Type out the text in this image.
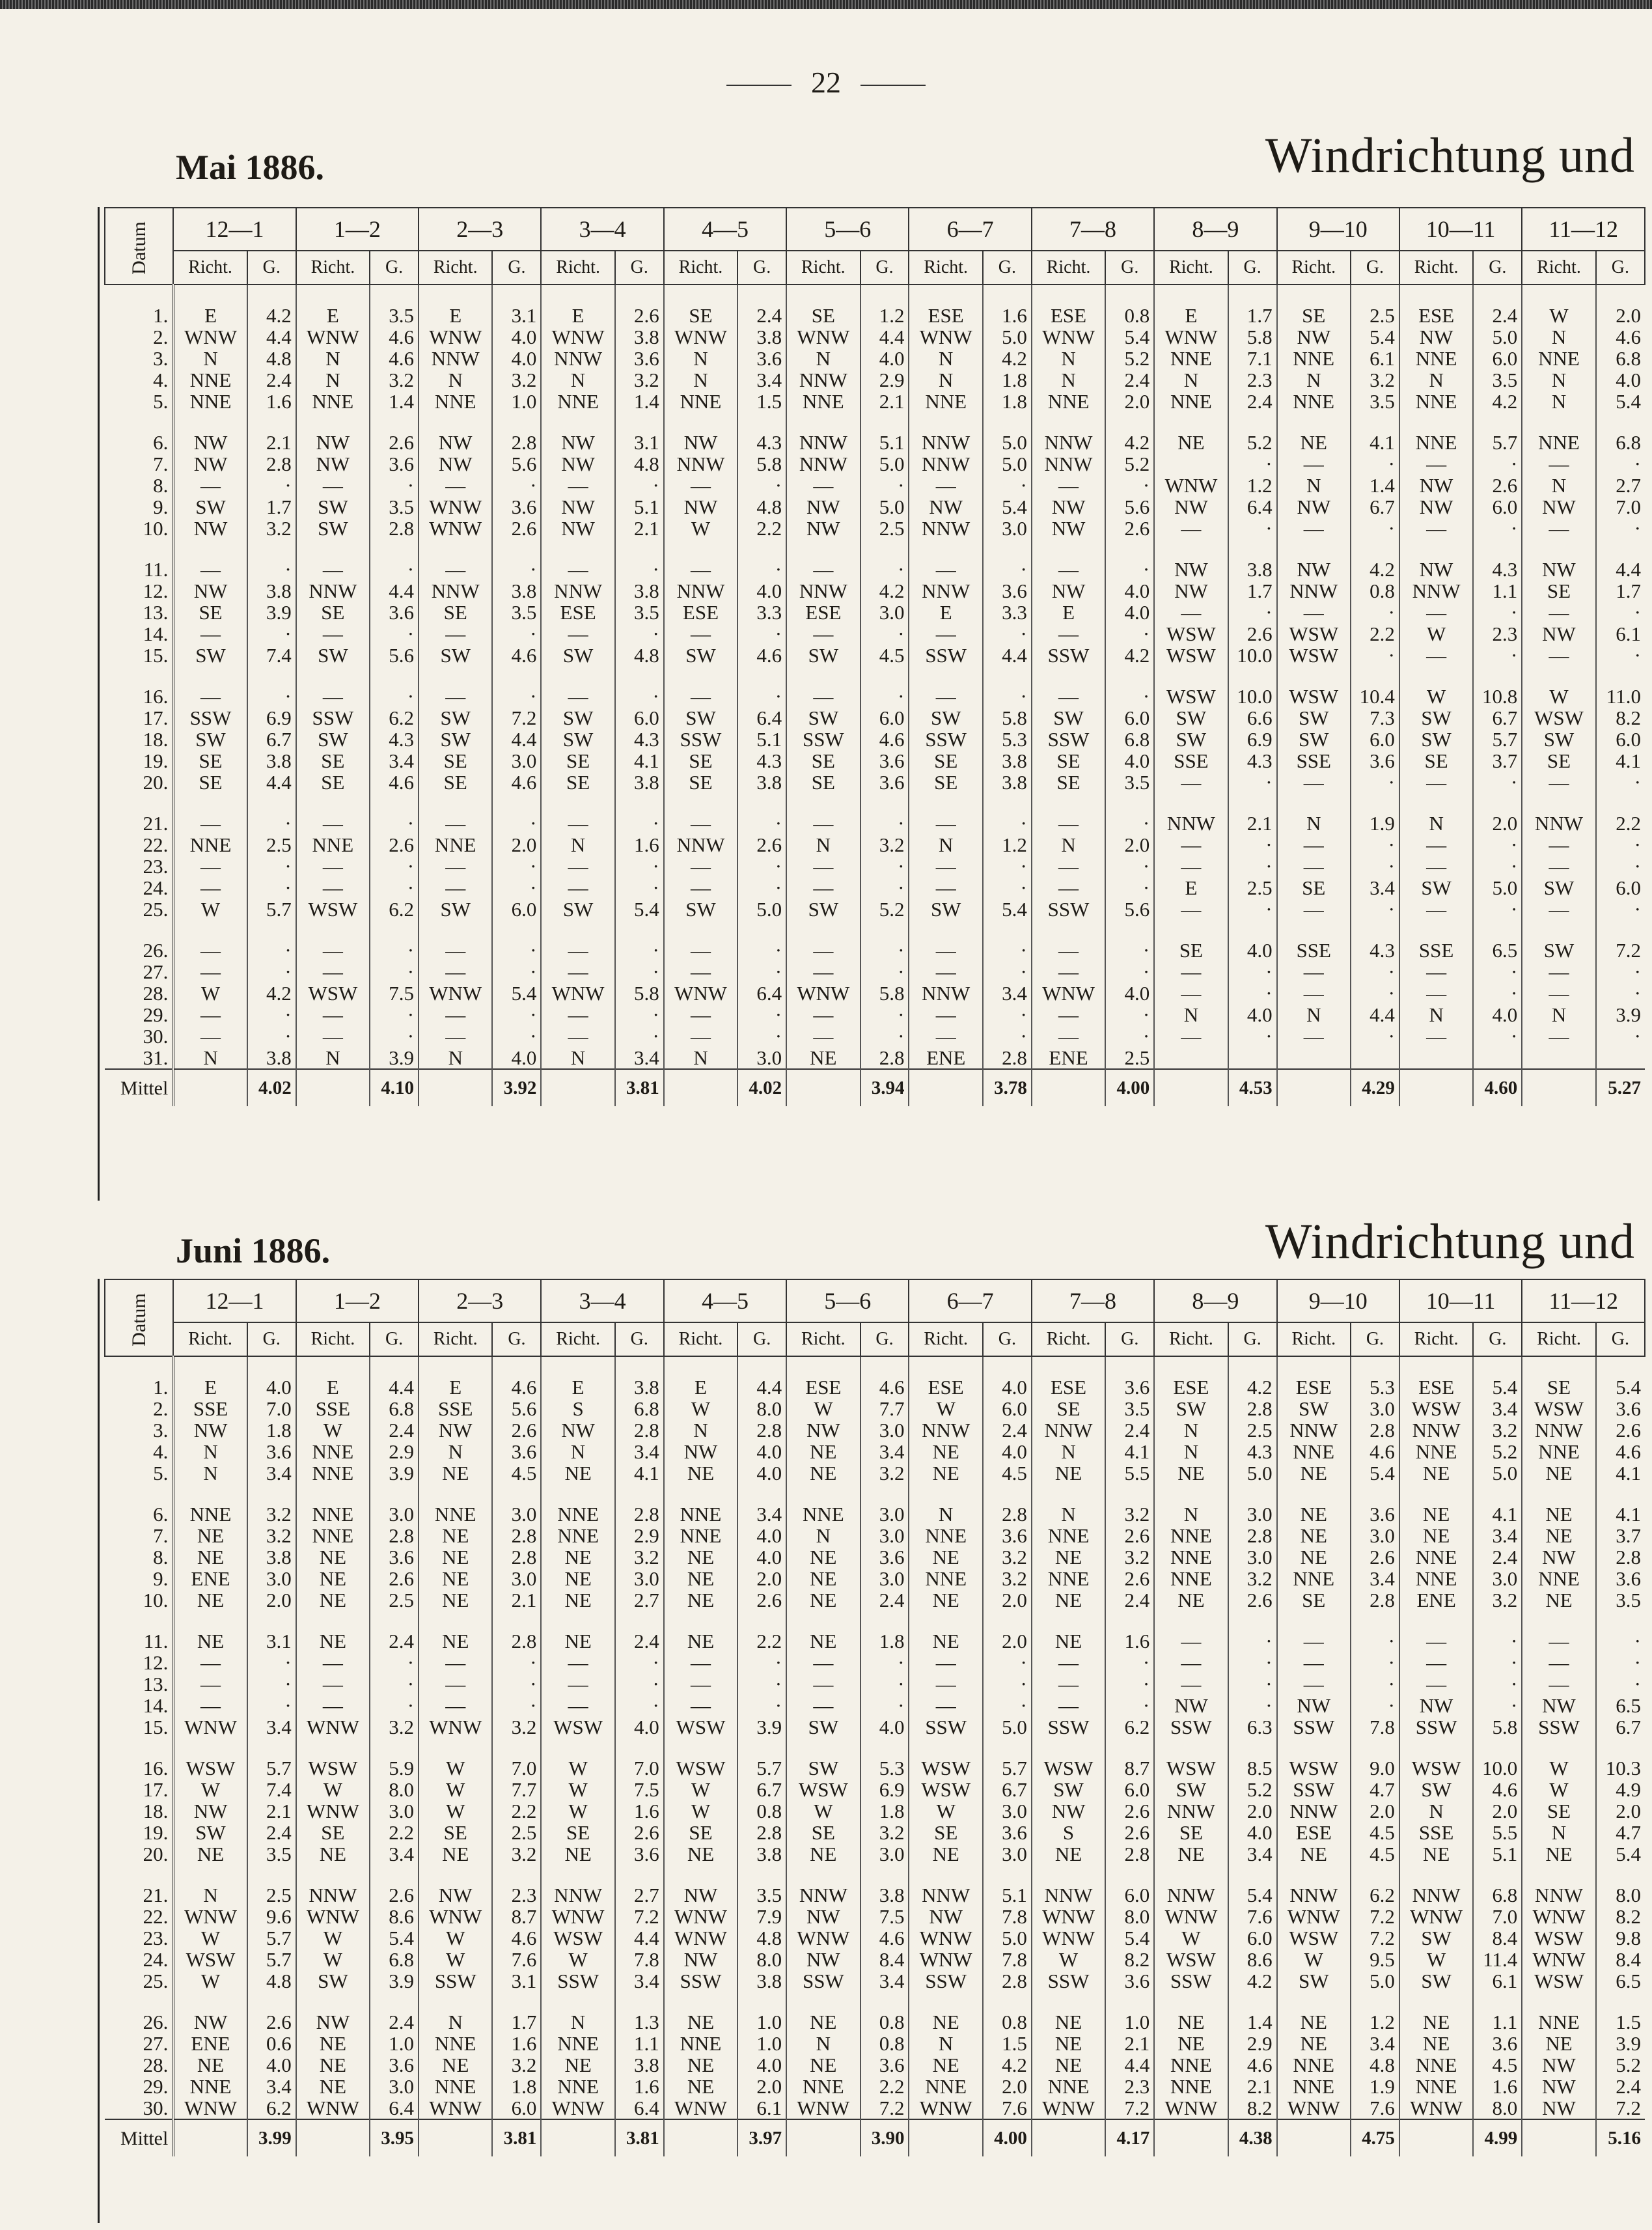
22
Mai 1886.	Windrichtung und
Datum	12—1		1—2		2—3		3—4		4—5		5—6		6—7		7—8		8—9		9—10		10—11		11—12	
	Richt.	G.	Richt.	G.	Richt.	G.	Richt.	G.	Richt.	G.	Richt.	G.	Richt.	G.	Richt.	G.	Richt.	G.	Richt.	G.	Richt.	G.	Richt.	G.

1.	E	4.2	E	3.5	E	3.1	E	2.6	SE	2.4	SE	1.2	ESE	1.6	ESE	0.8	E	1.7	SE	2.5	ESE	2.4	W	2.0
2.	WNW	4.4	WNW	4.6	WNW	4.0	WNW	3.8	WNW	3.8	WNW	4.4	WNW	5.0	WNW	5.4	WNW	5.8	NW	5.4	NW	5.0	N	4.6
3.	N	4.8	N	4.6	NNW	4.0	NNW	3.6	N	3.6	N	4.0	N	4.2	N	5.2	NNE	7.1	NNE	6.1	NNE	6.0	NNE	6.8
4.	NNE	2.4	N	3.2	N	3.2	N	3.2	N	3.4	NNW	2.9	N	1.8	N	2.4	N	2.3	N	3.2	N	3.5	N	4.0
5.	NNE	1.6	NNE	1.4	NNE	1.0	NNE	1.4	NNE	1.5	NNE	2.1	NNE	1.8	NNE	2.0	NNE	2.4	NNE	3.5	NNE	4.2	N	5.4

6.	NW	2.1	NW	2.6	NW	2.8	NW	3.1	NW	4.3	NNW	5.1	NNW	5.0	NNW	4.2	NE	5.2	NE	4.1	NNE	5.7	NNE	6.8
7.	NW	2.8	NW	3.6	NW	5.6	NW	4.8	NNW	5.8	NNW	5.0	NNW	5.0	NNW	5.2		·	—	·	—	·	—	·
8.	—	·	—	·	—	·	—	·	—	·	—	·	—	·	—	·	WNW	1.2	N	1.4	NW	2.6	N	2.7
9.	SW	1.7	SW	3.5	WNW	3.6	NW	5.1	NW	4.8	NW	5.0	NW	5.4	NW	5.6	NW	6.4	NW	6.7	NW	6.0	NW	7.0
10.	NW	3.2	SW	2.8	WNW	2.6	NW	2.1	W	2.2	NW	2.5	NNW	3.0	NW	2.6	—	·	—	·	—	·	—	·

11.	—	·	—	·	—	·	—	·	—	·	—	·	—	·	—	·	NW	3.8	NW	4.2	NW	4.3	NW	4.4
12.	NW	3.8	NNW	4.4	NNW	3.8	NNW	3.8	NNW	4.0	NNW	4.2	NNW	3.6	NW	4.0	NW	1.7	NNW	0.8	NNW	1.1	SE	1.7
13.	SE	3.9	SE	3.6	SE	3.5	ESE	3.5	ESE	3.3	ESE	3.0	E	3.3	E	4.0	—	·	—	·	—	·	—	·
14.	—	·	—	·	—	·	—	·	—	·	—	·	—	·	—	·	WSW	2.6	WSW	2.2	W	2.3	NW	6.1
15.	SW	7.4	SW	5.6	SW	4.6	SW	4.8	SW	4.6	SW	4.5	SSW	4.4	SSW	4.2	WSW	10.0	WSW	·	—	·	—	·

16.	—	·	—	·	—	·	—	·	—	·	—	·	—	·	—	·	WSW	10.0	WSW	10.4	W	10.8	W	11.0
17.	SSW	6.9	SSW	6.2	SW	7.2	SW	6.0	SW	6.4	SW	6.0	SW	5.8	SW	6.0	SW	6.6	SW	7.3	SW	6.7	WSW	8.2
18.	SW	6.7	SW	4.3	SW	4.4	SW	4.3	SSW	5.1	SSW	4.6	SSW	5.3	SSW	6.8	SW	6.9	SW	6.0	SW	5.7	SW	6.0
19.	SE	3.8	SE	3.4	SE	3.0	SE	4.1	SE	4.3	SE	3.6	SE	3.8	SE	4.0	SSE	4.3	SSE	3.6	SE	3.7	SE	4.1
20.	SE	4.4	SE	4.6	SE	4.6	SE	3.8	SE	3.8	SE	3.6	SE	3.8	SE	3.5	—	·	—	·	—	·	—	·

21.	—	·	—	·	—	·	—	·	—	·	—	·	—	·	—	·	NNW	2.1	N	1.9	N	2.0	NNW	2.2
22.	NNE	2.5	NNE	2.6	NNE	2.0	N	1.6	NNW	2.6	N	3.2	N	1.2	N	2.0	—	·	—	·	—	·	—	·
23.	—	·	—	·	—	·	—	·	—	·	—	·	—	·	—	·	—	·	—	·	—	·	—	·
24.	—	·	—	·	—	·	—	·	—	·	—	·	—	·	—	·	E	2.5	SE	3.4	SW	5.0	SW	6.0
25.	W	5.7	WSW	6.2	SW	6.0	SW	5.4	SW	5.0	SW	5.2	SW	5.4	SSW	5.6	—	·	—	·	—	·	—	·

26.	—	·	—	·	—	·	—	·	—	·	—	·	—	·	—	·	SE	4.0	SSE	4.3	SSE	6.5	SW	7.2
27.	—	·	—	·	—	·	—	·	—	·	—	·	—	·	—	·	—	·	—	·	—	·	—	·
28.	W	4.2	WSW	7.5	WNW	5.4	WNW	5.8	WNW	6.4	WNW	5.8	NNW	3.4	WNW	4.0	—	·	—	·	—	·	—	·
29.	—	·	—	·	—	·	—	·	—	·	—	·	—	·	—	·	N	4.0	N	4.4	N	4.0	N	3.9
30.	—	·	—	·	—	·	—	·	—	·	—	·	—	·	—	·	—	·	—	·	—	·	—	·
31.	N	3.8	N	3.9	N	4.0	N	3.4	N	3.0	NE	2.8	ENE	2.8	ENE	2.5								
Mittel		4.02		4.10		3.92		3.81		4.02		3.94		3.78		4.00		4.53		4.29		4.60		5.27
Juni 1886.	Windrichtung und
Datum	12—1		1—2		2—3		3—4		4—5		5—6		6—7		7—8		8—9		9—10		10—11		11—12	
	Richt.	G.	Richt.	G.	Richt.	G.	Richt.	G.	Richt.	G.	Richt.	G.	Richt.	G.	Richt.	G.	Richt.	G.	Richt.	G.	Richt.	G.	Richt.	G.

1.	E	4.0	E	4.4	E	4.6	E	3.8	E	4.4	ESE	4.6	ESE	4.0	ESE	3.6	ESE	4.2	ESE	5.3	ESE	5.4	SE	5.4
2.	SSE	7.0	SSE	6.8	SSE	5.6	S	6.8	W	8.0	W	7.7	W	6.0	SE	3.5	SW	2.8	SW	3.0	WSW	3.4	WSW	3.6
3.	NW	1.8	W	2.4	NW	2.6	NW	2.8	N	2.8	NW	3.0	NNW	2.4	NNW	2.4	N	2.5	NNW	2.8	NNW	3.2	NNW	2.6
4.	N	3.6	NNE	2.9	N	3.6	N	3.4	NW	4.0	NE	3.4	NE	4.0	N	4.1	N	4.3	NNE	4.6	NNE	5.2	NNE	4.6
5.	N	3.4	NNE	3.9	NE	4.5	NE	4.1	NE	4.0	NE	3.2	NE	4.5	NE	5.5	NE	5.0	NE	5.4	NE	5.0	NE	4.1

6.	NNE	3.2	NNE	3.0	NNE	3.0	NNE	2.8	NNE	3.4	NNE	3.0	N	2.8	N	3.2	N	3.0	NE	3.6	NE	4.1	NE	4.1
7.	NE	3.2	NNE	2.8	NE	2.8	NNE	2.9	NNE	4.0	N	3.0	NNE	3.6	NNE	2.6	NNE	2.8	NE	3.0	NE	3.4	NE	3.7
8.	NE	3.8	NE	3.6	NE	2.8	NE	3.2	NE	4.0	NE	3.6	NE	3.2	NE	3.2	NNE	3.0	NE	2.6	NNE	2.4	NW	2.8
9.	ENE	3.0	NE	2.6	NE	3.0	NE	3.0	NE	2.0	NE	3.0	NNE	3.2	NNE	2.6	NNE	3.2	NNE	3.4	NNE	3.0	NNE	3.6
10.	NE	2.0	NE	2.5	NE	2.1	NE	2.7	NE	2.6	NE	2.4	NE	2.0	NE	2.4	NE	2.6	SE	2.8	ENE	3.2	NE	3.5

11.	NE	3.1	NE	2.4	NE	2.8	NE	2.4	NE	2.2	NE	1.8	NE	2.0	NE	1.6	—	·	—	·	—	·	—	·
12.	—	·	—	·	—	·	—	·	—	·	—	·	—	·	—	·	—	·	—	·	—	·	—	·
13.	—	·	—	·	—	·	—	·	—	·	—	·	—	·	—	·	—	·	—	·	—	·	—	·
14.	—	·	—	·	—	·	—	·	—	·	—	·	—	·	—	·	NW	·	NW	·	NW	·	NW	6.5
15.	WNW	3.4	WNW	3.2	WNW	3.2	WSW	4.0	WSW	3.9	SW	4.0	SSW	5.0	SSW	6.2	SSW	6.3	SSW	7.8	SSW	5.8	SSW	6.7

16.	WSW	5.7	WSW	5.9	W	7.0	W	7.0	WSW	5.7	SW	5.3	WSW	5.7	WSW	8.7	WSW	8.5	WSW	9.0	WSW	10.0	W	10.3
17.	W	7.4	W	8.0	W	7.7	W	7.5	W	6.7	WSW	6.9	WSW	6.7	SW	6.0	SW	5.2	SSW	4.7	SW	4.6	W	4.9
18.	NW	2.1	WNW	3.0	W	2.2	W	1.6	W	0.8	W	1.8	W	3.0	NW	2.6	NNW	2.0	NNW	2.0	N	2.0	SE	2.0
19.	SW	2.4	SE	2.2	SE	2.5	SE	2.6	SE	2.8	SE	3.2	SE	3.6	S	2.6	SE	4.0	ESE	4.5	SSE	5.5	N	4.7
20.	NE	3.5	NE	3.4	NE	3.2	NE	3.6	NE	3.8	NE	3.0	NE	3.0	NE	2.8	NE	3.4	NE	4.5	NE	5.1	NE	5.4

21.	N	2.5	NNW	2.6	NW	2.3	NNW	2.7	NW	3.5	NNW	3.8	NNW	5.1	NNW	6.0	NNW	5.4	NNW	6.2	NNW	6.8	NNW	8.0
22.	WNW	9.6	WNW	8.6	WNW	8.7	WNW	7.2	WNW	7.9	NW	7.5	NW	7.8	WNW	8.0	WNW	7.6	WNW	7.2	WNW	7.0	WNW	8.2
23.	W	5.7	W	5.4	W	4.6	WSW	4.4	WNW	4.8	WNW	4.6	WNW	5.0	WNW	5.4	W	6.0	WSW	7.2	SW	8.4	WSW	9.8
24.	WSW	5.7	W	6.8	W	7.6	W	7.8	NW	8.0	NW	8.4	WNW	7.8	W	8.2	WSW	8.6	W	9.5	W	11.4	WNW	8.4
25.	W	4.8	SW	3.9	SSW	3.1	SSW	3.4	SSW	3.8	SSW	3.4	SSW	2.8	SSW	3.6	SSW	4.2	SW	5.0	SW	6.1	WSW	6.5

26.	NW	2.6	NW	2.4	N	1.7	N	1.3	NE	1.0	NE	0.8	NE	0.8	NE	1.0	NE	1.4	NE	1.2	NE	1.1	NNE	1.5
27.	ENE	0.6	NE	1.0	NNE	1.6	NNE	1.1	NNE	1.0	N	0.8	N	1.5	NE	2.1	NE	2.9	NE	3.4	NE	3.6	NE	3.9
28.	NE	4.0	NE	3.6	NE	3.2	NE	3.8	NE	4.0	NE	3.6	NE	4.2	NE	4.4	NNE	4.6	NNE	4.8	NNE	4.5	NW	5.2
29.	NNE	3.4	NE	3.0	NNE	1.8	NNE	1.6	NE	2.0	NNE	2.2	NNE	2.0	NNE	2.3	NNE	2.1	NNE	1.9	NNE	1.6	NW	2.4
30.	WNW	6.2	WNW	6.4	WNW	6.0	WNW	6.4	WNW	6.1	WNW	7.2	WNW	7.6	WNW	7.2	WNW	8.2	WNW	7.6	WNW	8.0	NW	7.2
Mittel		3.99		3.95		3.81		3.81		3.97		3.90		4.00		4.17		4.38		4.75		4.99		5.16
